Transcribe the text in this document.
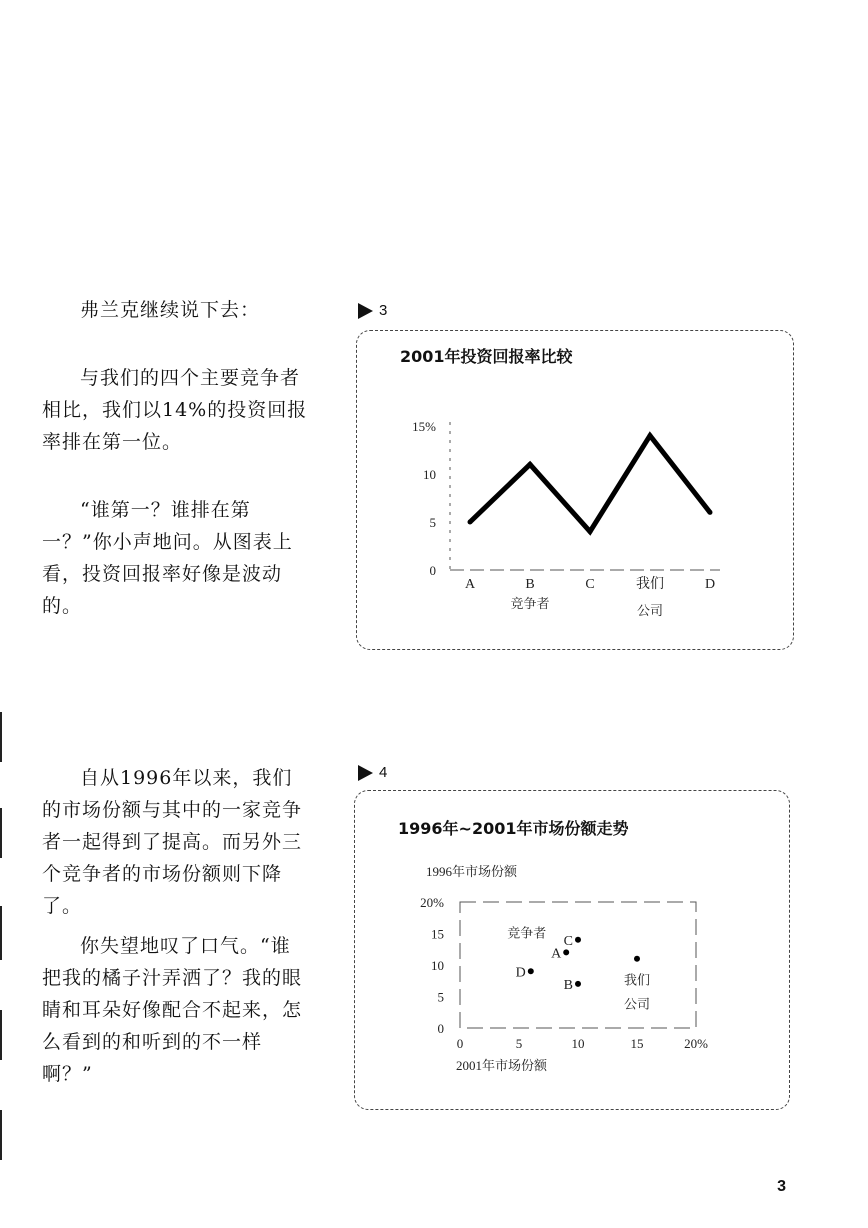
弗兰克继续说下去：

与我们的四个主要竞争者相比，我们以14%的投资回报率排在第一位。

“谁第一？谁排在第一？”你小声地问。从图表上看，投资回报率好像是波动的。

3
2001年投资回报率比较
0
5
10
15%
A	B	C	我们
公司
D
竞争者

自从1996年以来，我们的市场份额与其中的一家竞争者一起得到了提高。而另外三个竞争者的市场份额则下降了。

你失望地叹了口气。“谁把我的橘子汁弄洒了？我的眼睛和耳朵好像配合不起来，怎么看到的和听到的不一样啊？”

4
1996年~2001年市场份额走势
1996年市场份额
0
0
5
5
10
10
15
15
20%
20%
2001年市场份额
竞争者
A
B
C
D	我们
公司
3
